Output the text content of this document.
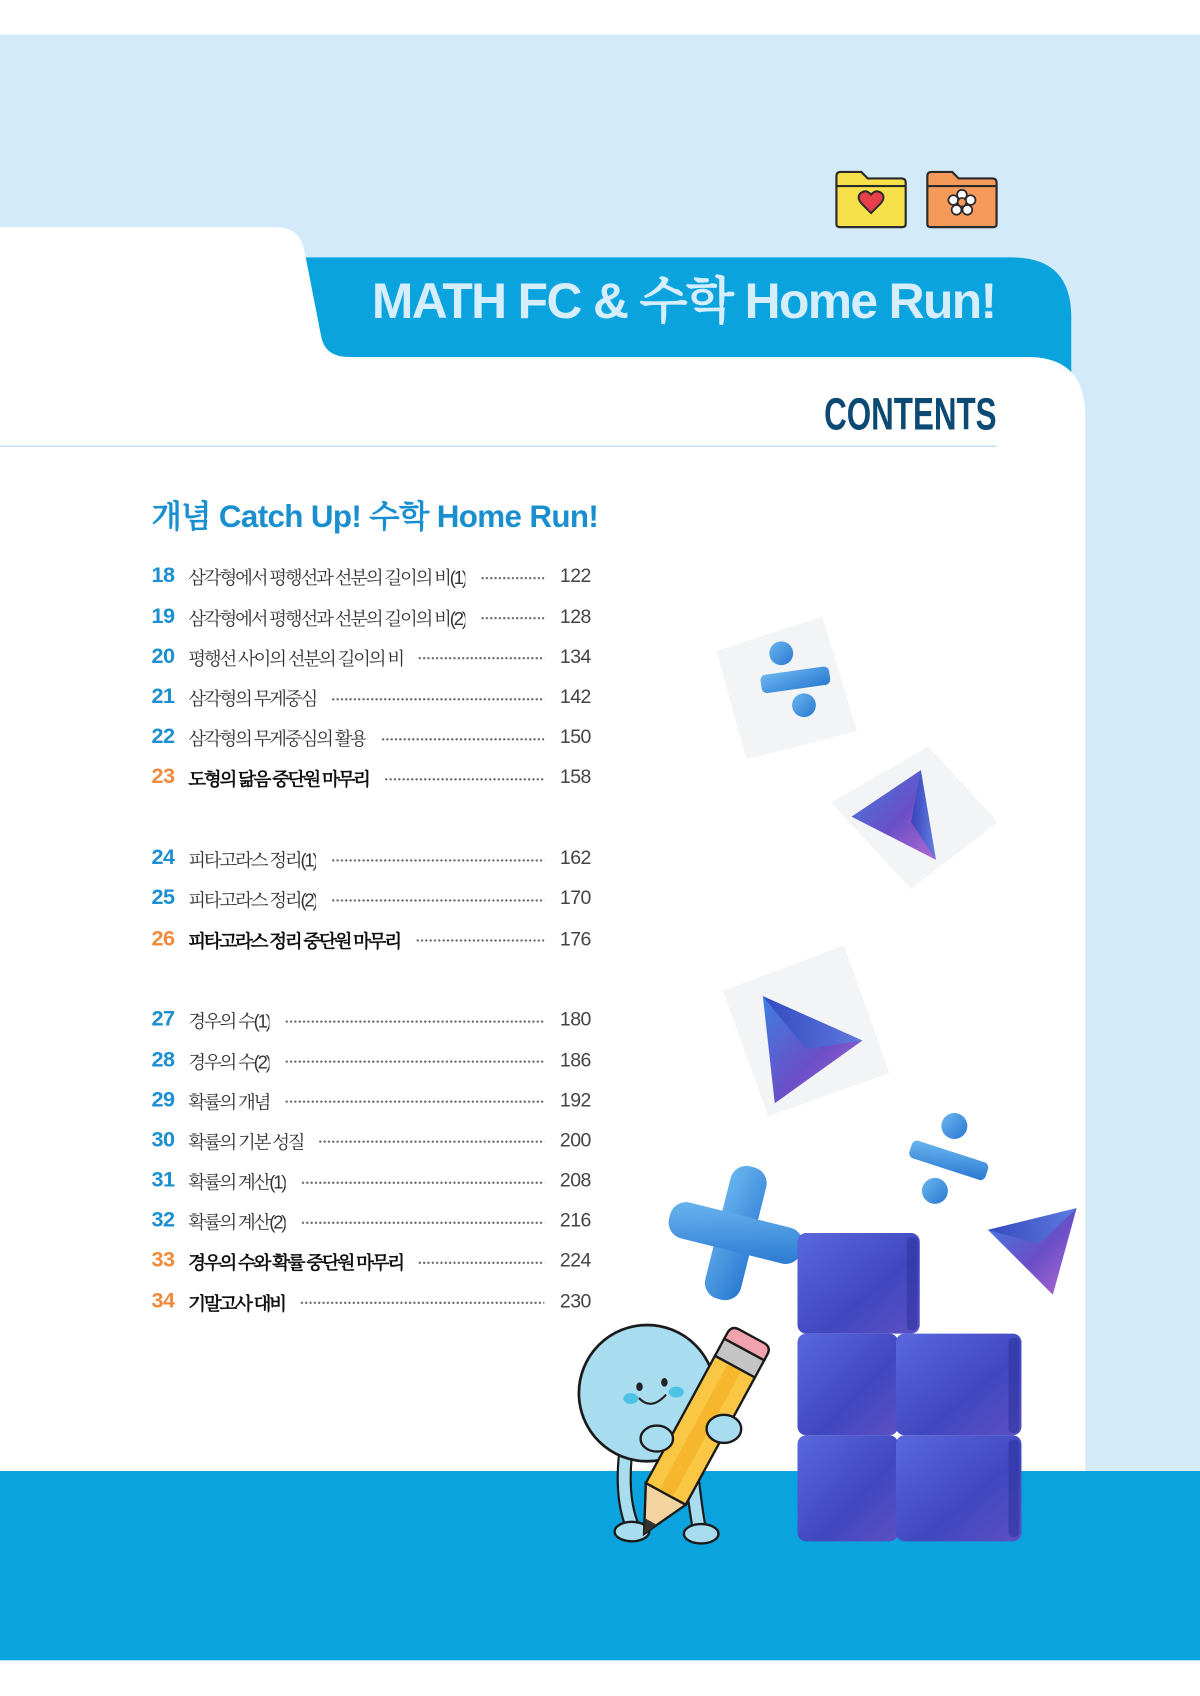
MATH FC & 수학 Home Run!
CONTENTS
개념 Catch Up! 수학 Home Run!
18 삼각형에서 평행선과 선분의 길이의 비(1)	122
19 삼각형에서 평행선과 선분의 길이의 비(2)	128
20 평행선 사이의 선분의 길이의 비	134
21 삼각형의 무게중심	142
22 삼각형의 무게중심의 활용	150
23 도형의 닮음 중단원 마무리	158
24 피타고라스 정리(1)	162
25 피타고라스 정리(2)	170
26 피타고라스 정리 중단원 마무리	176
27 경우의 수(1)	180
28 경우의 수(2)	186
29 확률의 개념	192
30 확률의 기본 성질	200
31 확률의 계산(1)	208
32 확률의 계산(2)	216
33 경우의 수와 확률 중단원 마무리	224
34 기말고사 대비	230
